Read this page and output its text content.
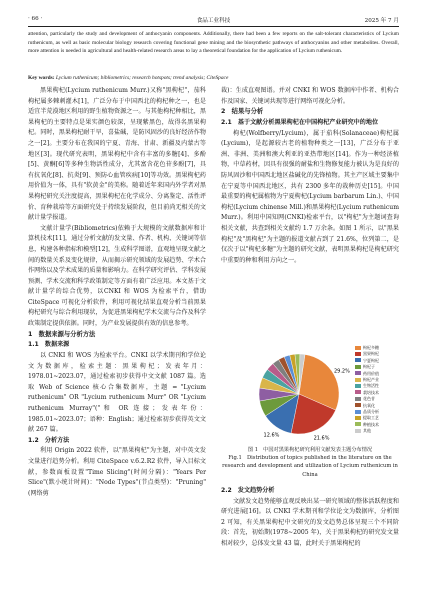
· 66 ·	食品工业科技	2025 年 7 月
attention, particularly the study and development of anthocyanin components. Additionally, there had been a few reports on the salt-tolerant characteristics of Lycium ruthenicum, as well as basic molecular biology research covering functional gene mining and the biosynthetic pathways of anthocyanins and other metabolites. Overall, more attention is needed in agricultural and health-related research areas to lay a theoretical foundation for the application of Lycium ruthenicum.
Key words: Lycium ruthenicum; bibliometrics; research hotspots; trend analysis; CiteSpace

黑果枸杞(Lycium ruthenicum Murr.)又称"黑枸杞"，茄科枸杞属多棘刺灌木[1]，广泛分布于中国西北的枸杞种之一，也是适宜半荒漠地区利用的野生植物资源之一。与其他枸杞种相比，黑果枸杞的主要特点是果实颜色较深，呈现紫黑色，故得名黑果枸杞。同时，黑果枸杞耐干旱，喜盐碱，是防风固沙的良好经济作物之一[2]。主要分布在我国的宁夏、青海、甘肃、新疆及内蒙古等地区[3]。现代研究表明，黑果枸杞中含有丰富的多糖[4]、多酚[5]、黄酮[6]等多种生物活性成分，尤其富含花色苷多酚[7]，具有抗氧化[8]、抗炎[9]、预防心血管疾病[10]等功效。黑果枸杞药用价值为一体，具有"软黄金"的美称。随着近年来国内外学者对黑果枸杞研究关注度提高，黑果枸杞在化学成分、分离鉴定、活性评价、育种栽培等方面研究处于持续发展阶段，但目前尚无相关的文献计量学报道。

文献计量学(Bibliometrics)依赖于大规模的文献数据库和计算机技术[11]，通过分析文献的发文量、作者、机构、关键词等信息，构建各种指标和模型[12]，生成科学图谱，直观地呈现文献之间的数量关系及变化规律，从而揭示研究领域的发展趋势、学术合作网络以及学术成果的质量和影响力。在科学研究评估、学科发展预测、学术交流和科学政策制定等方面有着广泛应用。本文基于文献计量学的综合优势，以CNKI 和 WOS 为检索平台，借助 CiteSpace 可视化分析软件，利用可视化结果直观分析当前黑果枸杞研究与综合利用现状，为促进黑果枸杞学术交流与合作及科学政策制定提供依据。同时，为产业发展提供有效的信息参考。

1　数据来源与分析方法
1.1　数据来源

以 CNKI 和 WOS 为检索平台。CNKI 以学术期刊和学位论文为数据库，检索主题：黑果枸杞；发表年月：1978.01~2023.07，通过检索初步获得中文文献 1087 篇。选取 Web of Science 核心合集数据库，主题 = "Lycium ruthenicum" OR "Lycium ruthenicum Murr" OR "Lycium ruthenicum Murray"("和 OR 连接；发表年份：1985.01~2023.07；语种：English；通过检索初步获得英文文献 267 篇。

1.2　分析方法

利用 Origin 2022 软件，以"黑果枸杞"为主题，对中英文发文量进行趋势分析。利用 CiteSpace v.6.2.R2 软件，导入目标文献，参数面板设置"Time Slicing"(时间分隔)："Years Per Slice"(默小统计时间)："Node Types"(节点类型)："Pruning"(网络剪

裁)：生成直观图谱。并对 CNKI 和 WOS 数据库中作者、机构合作及国家、关键词共现等进行网络可视化分析。

2　结果与分析
2.1　基于文献分析黑果枸杞在中国枸杞产业研究中的地位

枸杞(Wolfberry/Lycium)，属于茄科(Solanaceae)枸杞属(Lycium)，是起源较古老的植物种类之一[13]，广泛分布于亚洲、非洲、美洲和澳大利亚的亚热带地区[14]。作为一种经济植物，中草药材，因具有很强的耐盐和生物修复能力被认为是良好的防风固沙和中国西北地区盐碱化的先锋植物。其主产区域主要集中在宁夏等中国西北地区，共有 2300 多年的栽种历史[15]。中国最重要的枸杞属植物为宁夏枸杞(Lycium barbarum Lin.)、中国枸杞(Lycium chinense Mill.)和黑果枸杞(Lycium ruthenicum Murr.)。利用中国知网(CNKI)检索平台，以"枸杞"为主题词查询相关文献，共查到相关文献约 1.7 万余条。如图 1 所示，以"黑果枸杞"及"黑枸杞"为主题的报道文献占到了 21.6%，位列第二，是仅次于以"枸杞多糖"为主题的研究文献，表明黑果枸杞是枸杞研究中重要的种和利用方向之一。

29.2%
21.6%
12.6%
枸杞多糖
黑果枸杞
宁夏枸杞
枸杞子
药用价值
枸杞产业
生物活性
栽培技术
花色苷
抗氧化
品质分析
提取工艺
种植技术
其他
图 1　中国对黑果枸杞研究利用文献发表主题分布情况
Fig.1　Distribution of topics published in the literature on the research and development and utilization of Lycium ruthenicum in China
2.2　发文趋势分析

文献发文趋势能够直观反映出某一研究领域的整体活跃程度和研究进展[16]。以 CNKI 学术期刊和学位论文为数据库，分析图 2 可知，有关黑果枸杞中文研究的发文趋势总体呈现三个不同阶段：首先，初始期(1978~2005 年)，关于黑果枸杞的研究发文量相对较少，总体发文量 43 篇，此时关于黑果枸杞的
